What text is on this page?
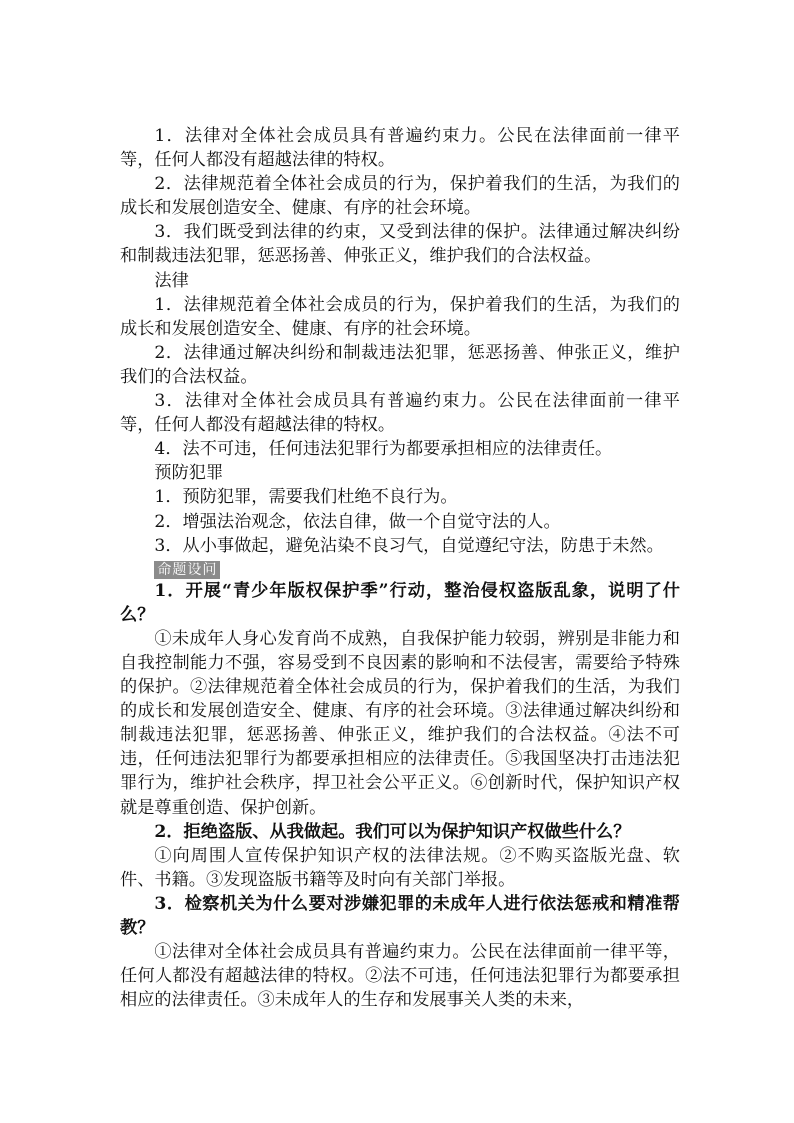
1．法律对全体社会成员具有普遍约束力。公民在法律面前一律平等，任何人都没有超越法律的特权。

2．法律规范着全体社会成员的行为，保护着我们的生活，为我们的成长和发展创造安全、健康、有序的社会环境。

3．我们既受到法律的约束，又受到法律的保护。法律通过解决纠纷和制裁违法犯罪，惩恶扬善、伸张正义，维护我们的合法权益。

法律

1．法律规范着全体社会成员的行为，保护着我们的生活，为我们的成长和发展创造安全、健康、有序的社会环境。

2．法律通过解决纠纷和制裁违法犯罪，惩恶扬善、伸张正义，维护我们的合法权益。

3．法律对全体社会成员具有普遍约束力。公民在法律面前一律平等，任何人都没有超越法律的特权。

4．法不可违，任何违法犯罪行为都要承担相应的法律责任。

预防犯罪

1．预防犯罪，需要我们杜绝不良行为。

2．增强法治观念，依法自律，做一个自觉守法的人。

3．从小事做起，避免沾染不良习气，自觉遵纪守法，防患于未然。

命题设问

1．开展“青少年版权保护季”行动，整治侵权盗版乱象，说明了什么？

①未成年人身心发育尚不成熟，自我保护能力较弱，辨别是非能力和自我控制能力不强，容易受到不良因素的影响和不法侵害，需要给予特殊的保护。②法律规范着全体社会成员的行为，保护着我们的生活，为我们的成长和发展创造安全、健康、有序的社会环境。③法律通过解决纠纷和制裁违法犯罪，惩恶扬善、伸张正义，维护我们的合法权益。④法不可违，任何违法犯罪行为都要承担相应的法律责任。⑤我国坚决打击违法犯罪行为，维护社会秩序，捍卫社会公平正义。⑥创新时代，保护知识产权就是尊重创造、保护创新。

2．拒绝盗版、从我做起。我们可以为保护知识产权做些什么？

①向周围人宣传保护知识产权的法律法规。②不购买盗版光盘、软件、书籍。③发现盗版书籍等及时向有关部门举报。

3．检察机关为什么要对涉嫌犯罪的未成年人进行依法惩戒和精准帮教？

①法律对全体社会成员具有普遍约束力。公民在法律面前一律平等，任何人都没有超越法律的特权。②法不可违，任何违法犯罪行为都要承担相应的法律责任。③未成年人的生存和发展事关人类的未来，
